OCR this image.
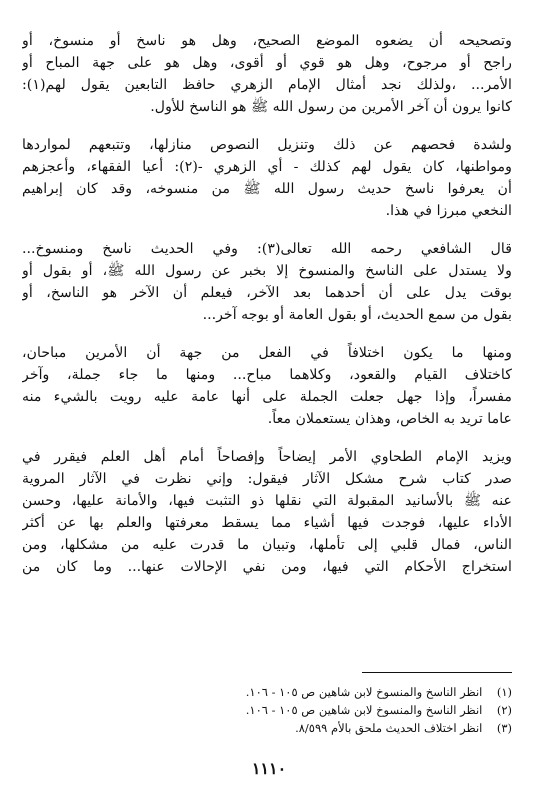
وتصحيحه أن يضعوه الموضع الصحيح، وهل هو ناسخ أو منسوخ، أو
راجح أو مرجوح، وهل هو قوي أو أقوى، وهل هو على جهة المباح أو
الأمر... ،ولذلك نجد أمثال الإمام الزهري حافظ التابعين يقول لهم(١):
كانوا يرون أن آخر الأمرين من رسول الله ﷺ هو الناسخ للأول.
ولشدة فحصهم عن ذلك وتنزيل النصوص منازلها، وتتبعهم لمواردها
ومواطنها، كان يقول لهم كذلك - أي الزهري -(٢): أعيا الفقهاء، وأعجزهم
أن يعرفوا ناسخ حديث رسول الله ﷺ من منسوخه، وقد كان إبراهيم
النخعي مبرزا في هذا.
قال الشافعي رحمه الله تعالى(٣): وفي الحديث ناسخ ومنسوخ...
ولا يستدل على الناسخ والمنسوخ إلا بخبر عن رسول الله ﷺ، أو بقول أو
بوقت يدل على أن أحدهما بعد الآخر، فيعلم أن الآخر هو الناسخ، أو
بقول من سمع الحديث، أو بقول العامة أو بوجه آخر...
ومنها ما يكون اختلافاً في الفعل من جهة أن الأمرين مباحان،
كاختلاف القيام والقعود، وكلاهما مباح... ومنها ما جاء جملة، وآخر
مفسراً، وإذا جهل جعلت الجملة على أنها عامة عليه رويت بالشيء منه
عاما تريد به الخاص، وهذان يستعملان معاً.
ويزيد الإمام الطحاوي الأمر إيضاحاً وإفصاحاً أمام أهل العلم فيقرر في
صدر كتاب شرح مشكل الآثار فيقول: وإني نظرت في الآثار المروية
عنه ﷺ بالأسانيد المقبولة التي نقلها ذو التثبت فيها، والأمانة عليها، وحسن
الأداء عليها، فوجدت فيها أشياء مما يسقط معرفتها والعلم بها عن أكثر
الناس، فمال قلبي إلى تأملها، وتبيان ما قدرت عليه من مشكلها، ومن
استخراج الأحكام التي فيها، ومن نفي الإحالات عنها... وما كان من
(١) انظر الناسخ والمنسوخ لابن شاهين ص ١٠٥ - ١٠٦.
(٢) انظر الناسخ والمنسوخ لابن شاهين ص ١٠٥ - ١٠٦.
(٣) انظر اختلاف الحديث ملحق بالأم ٨/٥٩٩.
١١١٠
